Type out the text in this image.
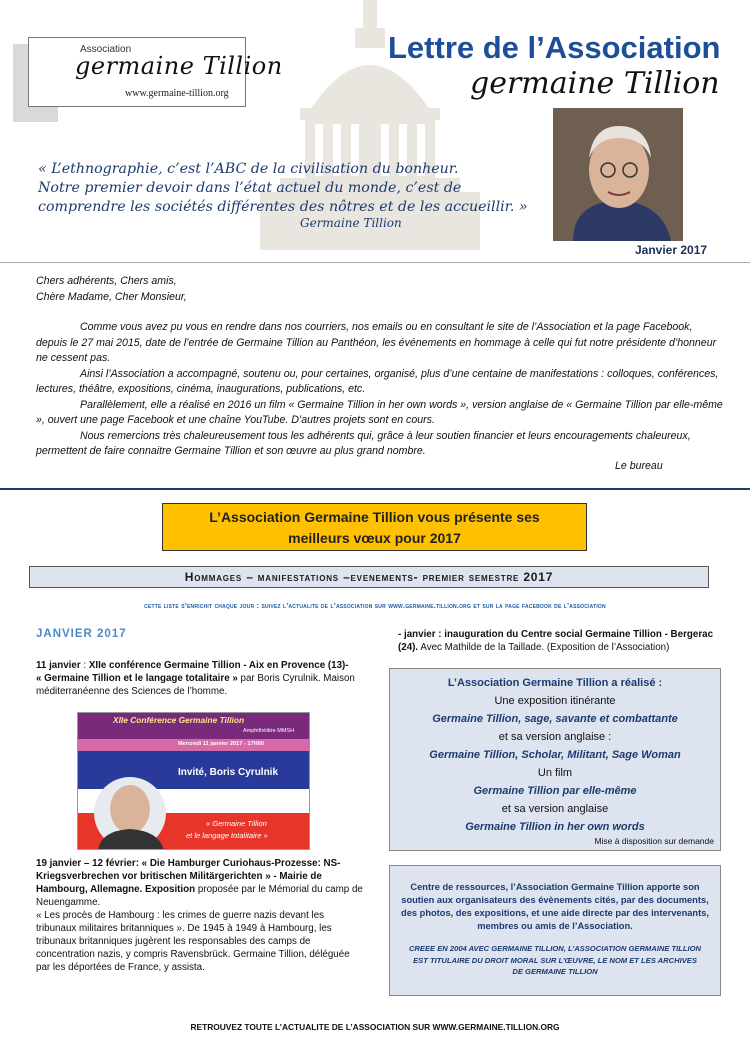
Association
germaine Tillion
www.germaine-tillion.org
Lettre de l’Association
germaine Tillion
« L’ethnographie, c’est l’ABC de la civilisation du bonheur.
Notre premier devoir dans l’état actuel du monde, c’est de
comprendre les sociétés différentes des nôtres et de les accueillir. »
Germaine Tillion
Janvier 2017

Chers adhérents, Chers amis,

Chère Madame, Cher Monsieur,

Comme vous avez pu vous en rendre dans nos courriers, nos emails ou en consultant le site de l’Association et la page Facebook, depuis le 27 mai 2015, date de l’entrée de Germaine Tillion au Panthéon, les événements en hommage à celle qui fut notre présidente d’honneur ne cessent pas.

Ainsi l’Association a accompagné, soutenu ou, pour certaines, organisé, plus d’une centaine de manifestations : colloques, conférences, lectures, théâtre, expositions, cinéma, inaugurations, publications, etc.

Parallèlement, elle a réalisé en 2016 un film « Germaine Tillion in her own words », version anglaise de « Germaine Tillion par elle-même », ouvert une page Facebook et une chaîne YouTube. D’autres projets sont en cours.

Nous remercions très chaleureusement tous les adhérents qui, grâce à leur soutien financier et leurs encouragements chaleureux, permettent de faire connaitre Germaine Tillion et son œuvre au plus grand nombre.

Le bureau
L’Association Germaine Tillion vous présente ses
meilleurs vœux pour 2017
Hommages – manifestations –evenements- premier semestre 2017
cette liste s’enrichit chaque jour : suivez l’actualite de l’association sur www.germaine.tillion.org et sur la page facebook de l’association
JANVIER 2017
11 janvier : XIIe conférence Germaine Tillion - Aix en Provence (13)-
« Germaine Tillion et le langage totalitaire » par Boris Cyrulnik. Maison méditerranéenne des Sciences de l’homme.
XIIe Conférence Germaine Tillion
Amphithéâtre MMSH
Mercredi 11 janvier 2017 - 17H00
Invité, Boris Cyrulnik
« Germaine Tillion
et le langage totalitaire »
19 janvier – 12 février: « Die Hamburger Curiohaus-Prozesse: NS-Kriegsverbrechen vor britischen Militärgerichten » - Mairie de Hambourg, Allemagne. Exposition proposée par le Mémorial du camp de Neuengamme.
« Les procès de Hambourg : les crimes de guerre nazis devant les tribunaux militaires britanniques ». De 1945 à 1949 à Hambourg, les tribunaux britanniques jugèrent les responsables des camps de concentration nazis, y compris Ravensbrück. Germaine Tillion, déléguée par les déportées de France, y assista.
- janvier : inauguration du Centre social Germaine Tillion - Bergerac (24). Avec Mathilde de la Taillade. (Exposition de l’Association)
L’Association Germaine Tillion a réalisé :
Une exposition itinérante
Germaine Tillion, sage, savante et combattante
et sa version anglaise :
Germaine Tillion, Scholar, Militant, Sage Woman
Un film
Germaine Tillion par elle-même
et sa version anglaise
Germaine Tillion in her own words
Mise à disposition sur demande
Centre de ressources, l’Association Germaine Tillion apporte son soutien aux organisateurs des évènements cités, par des documents, des photos, des expositions, et une aide directe par des intervenants, membres ou amis de l’Association.
CREEE EN 2004 AVEC GERMAINE TILLION, L’ASSOCIATION GERMAINE TILLION EST TITULAIRE DU DROIT MORAL SUR L’ŒUVRE, LE NOM ET LES ARCHIVES DE GERMAINE TILLION
RETROUVEZ TOUTE L’ACTUALITE DE L’ASSOCIATION SUR WWW.GERMAINE.TILLION.ORG
